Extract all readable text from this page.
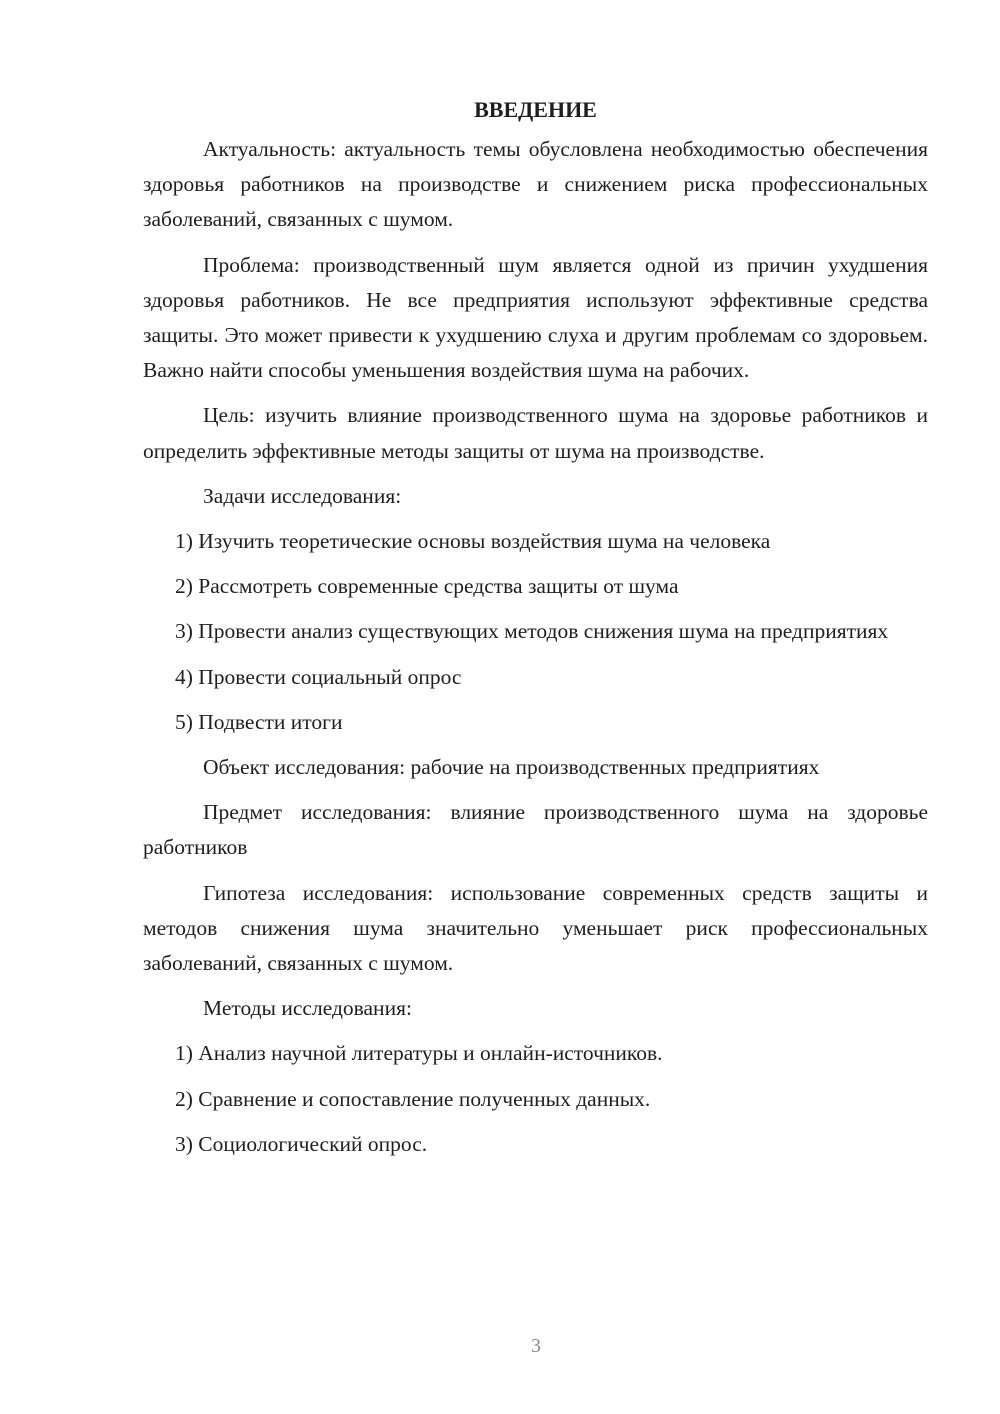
ВВЕДЕНИЕ

Актуальность: актуальность темы обусловлена необходимостью обеспечения здоровья работников на производстве и снижением риска профессиональных заболеваний, связанных с шумом.

Проблема: производственный шум является одной из причин ухудшения здоровья работников. Не все предприятия используют эффективные средства защиты. Это может привести к ухудшению слуха и другим проблемам со здоровьем. Важно найти способы уменьшения воздействия шума на рабочих.

Цель: изучить влияние производственного шума на здоровье работников и определить эффективные методы защиты от шума на производстве.

Задачи исследования:

1) Изучить теоретические основы воздействия шума на человека

2) Рассмотреть современные средства защиты от шума

3) Провести анализ существующих методов снижения шума на предприятиях

4) Провести социальный опрос

5) Подвести итоги

Объект исследования: рабочие на производственных предприятиях

Предмет исследования: влияние производственного шума на здоровье работников

Гипотеза исследования: использование современных средств защиты и методов снижения шума значительно уменьшает риск профессиональных заболеваний, связанных с шумом.

Методы исследования:

1) Анализ научной литературы и онлайн-источников.

2) Сравнение и сопоставление полученных данных.

3) Социологический опрос.

3
